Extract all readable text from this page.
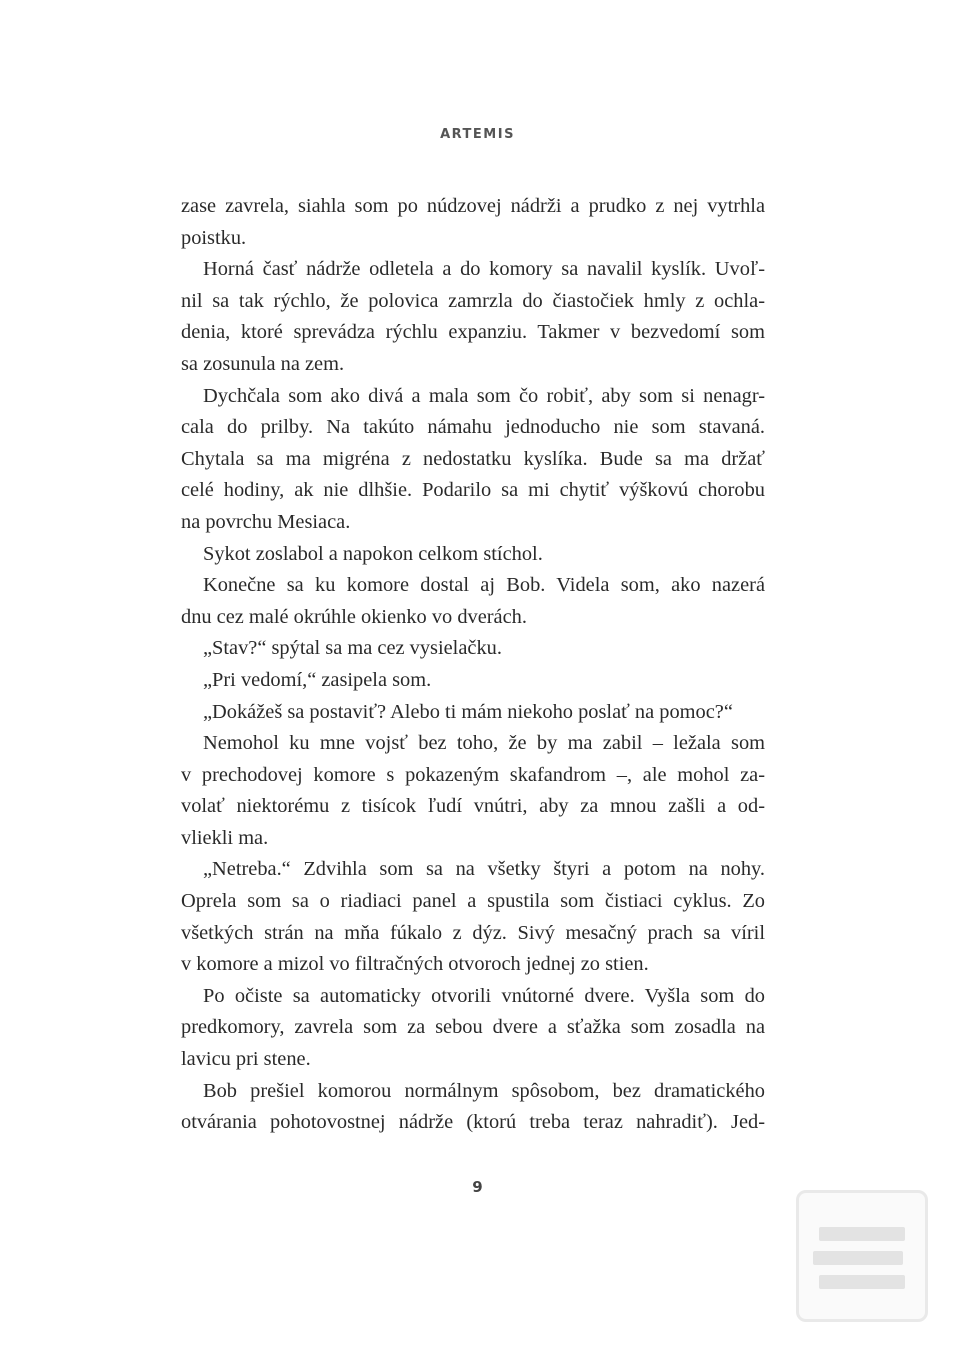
ARTEMIS
zase zavrela, siahla som po núdzovej nádrži a prudko z nej vytrhla
poistku.
Horná časť nádrže odletela a do komory sa navalil kyslík. Uvoľ-
nil sa tak rýchlo, že polovica zamrzla do čiastočiek hmly z ochla-
denia, ktoré sprevádza rýchlu expanziu. Takmer v bezvedomí som
sa zosunula na zem.
Dychčala som ako divá a mala som čo robiť, aby som si nenagr-
cala do prilby. Na takúto námahu jednoducho nie som stavaná.
Chytala sa ma migréna z nedostatku kyslíka. Bude sa ma držať
celé hodiny, ak nie dlhšie. Podarilo sa mi chytiť výškovú chorobu
na povrchu Mesiaca.
Sykot zoslabol a napokon celkom stíchol.
Konečne sa ku komore dostal aj Bob. Videla som, ako nazerá
dnu cez malé okrúhle okienko vo dverách.
„Stav?“ spýtal sa ma cez vysielačku.
„Pri vedomí,“ zasipela som.
„Dokážeš sa postaviť? Alebo ti mám niekoho poslať na pomoc?“
Nemohol ku mne vojsť bez toho, že by ma zabil – ležala som
v prechodovej komore s pokazeným skafandrom –, ale mohol za-
volať niektorému z tisícok ľudí vnútri, aby za mnou zašli a od-
vliekli ma.
„Netreba.“ Zdvihla som sa na všetky štyri a potom na nohy.
Oprela som sa o riadiaci panel a spustila som čistiaci cyklus. Zo
všetkých strán na mňa fúkalo z dýz. Sivý mesačný prach sa víril
v komore a mizol vo filtračných otvoroch jednej zo stien.
Po očiste sa automaticky otvorili vnútorné dvere. Vyšla som do
predkomory, zavrela som za sebou dvere a sťažka som zosadla na
lavicu pri stene.
Bob prešiel komorou normálnym spôsobom, bez dramatického
otvárania pohotovostnej nádrže (ktorú treba teraz nahradiť). Jed-
9
